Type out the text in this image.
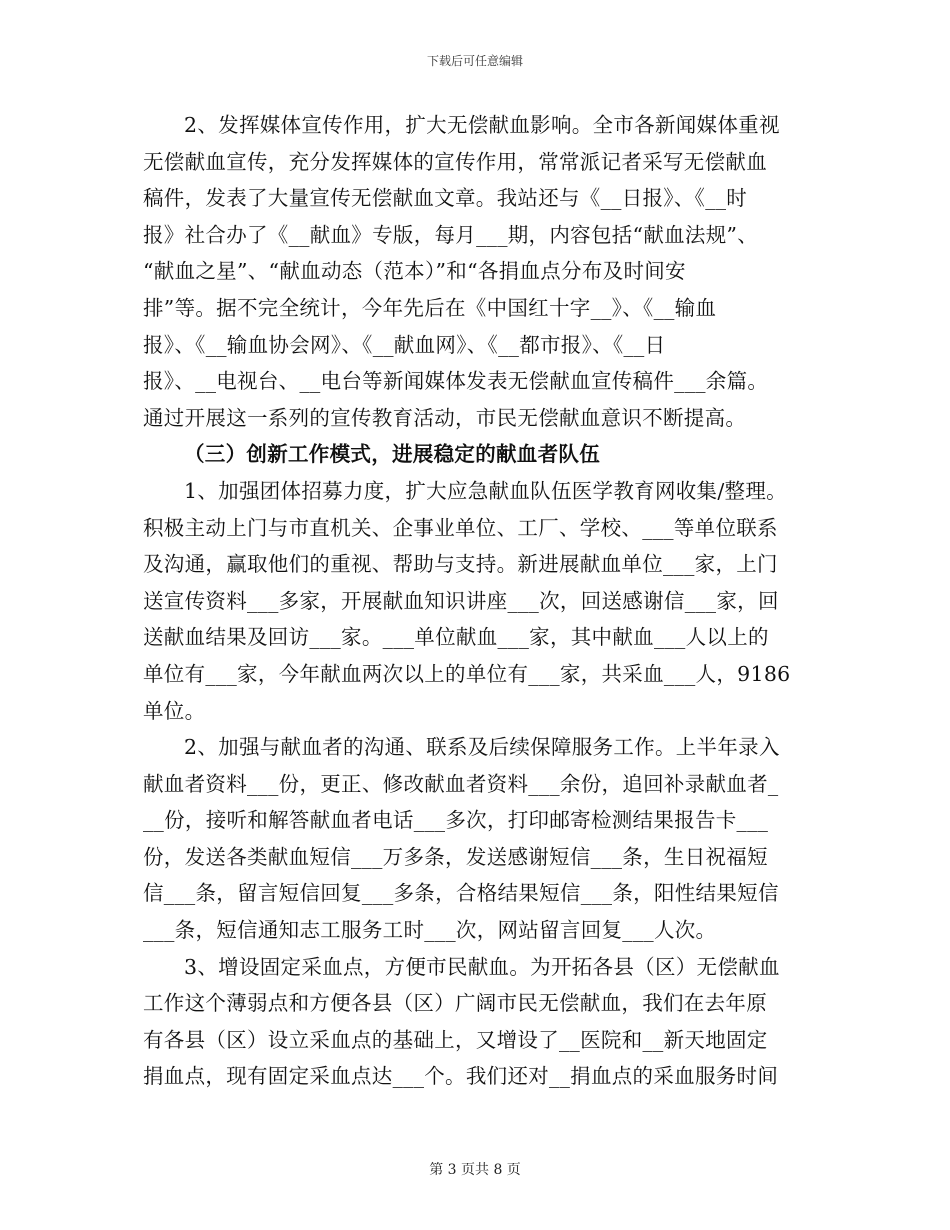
下载后可任意编辑

2、发挥媒体宣传作用，扩大无偿献血影响。全市各新闻媒体重视
无偿献血宣传，充分发挥媒体的宣传作用，常常派记者采写无偿献血
稿件，发表了大量宣传无偿献血文章。我站还与《__日报》、《__时
报》社合办了《__献血》专版，每月___期，内容包括“献血法规”、
“献血之星”、“献血动态（范本）”和“各捐血点分布及时间安
排”等。据不完全统计，今年先后在《中国红十字__》、《__输血
报》、《__输血协会网》、《__献血网》、《__都市报》、《__日
报》、__电视台、__电台等新闻媒体发表无偿献血宣传稿件___余篇。
通过开展这一系列的宣传教育活动，市民无偿献血意识不断提高。

（三）创新工作模式，进展稳定的献血者队伍

1、加强团体招募力度，扩大应急献血队伍医学教育网收集/整理。
积极主动上门与市直机关、企事业单位、工厂、学校、___等单位联系
及沟通，赢取他们的重视、帮助与支持。新进展献血单位___家，上门
送宣传资料___多家，开展献血知识讲座___次，回送感谢信___家，回
送献血结果及回访___家。___单位献血___家，其中献血___人以上的
单位有___家，今年献血两次以上的单位有___家，共采血___人，9186
单位。

2、加强与献血者的沟通、联系及后续保障服务工作。上半年录入
献血者资料___份，更正、修改献血者资料___余份，追回补录献血者_
__份，接听和解答献血者电话___多次，打印邮寄检测结果报告卡___
份，发送各类献血短信___万多条，发送感谢短信___条，生日祝福短
信___条，留言短信回复___多条，合格结果短信___条，阳性结果短信
___条，短信通知志工服务工时___次，网站留言回复___人次。

3、增设固定采血点，方便市民献血。为开拓各县（区）无偿献血
工作这个薄弱点和方便各县（区）广阔市民无偿献血，我们在去年原
有各县（区）设立采血点的基础上，又增设了__医院和__新天地固定
捐血点，现有固定采血点达___个。我们还对__捐血点的采血服务时间

第 3 页共 8 页
